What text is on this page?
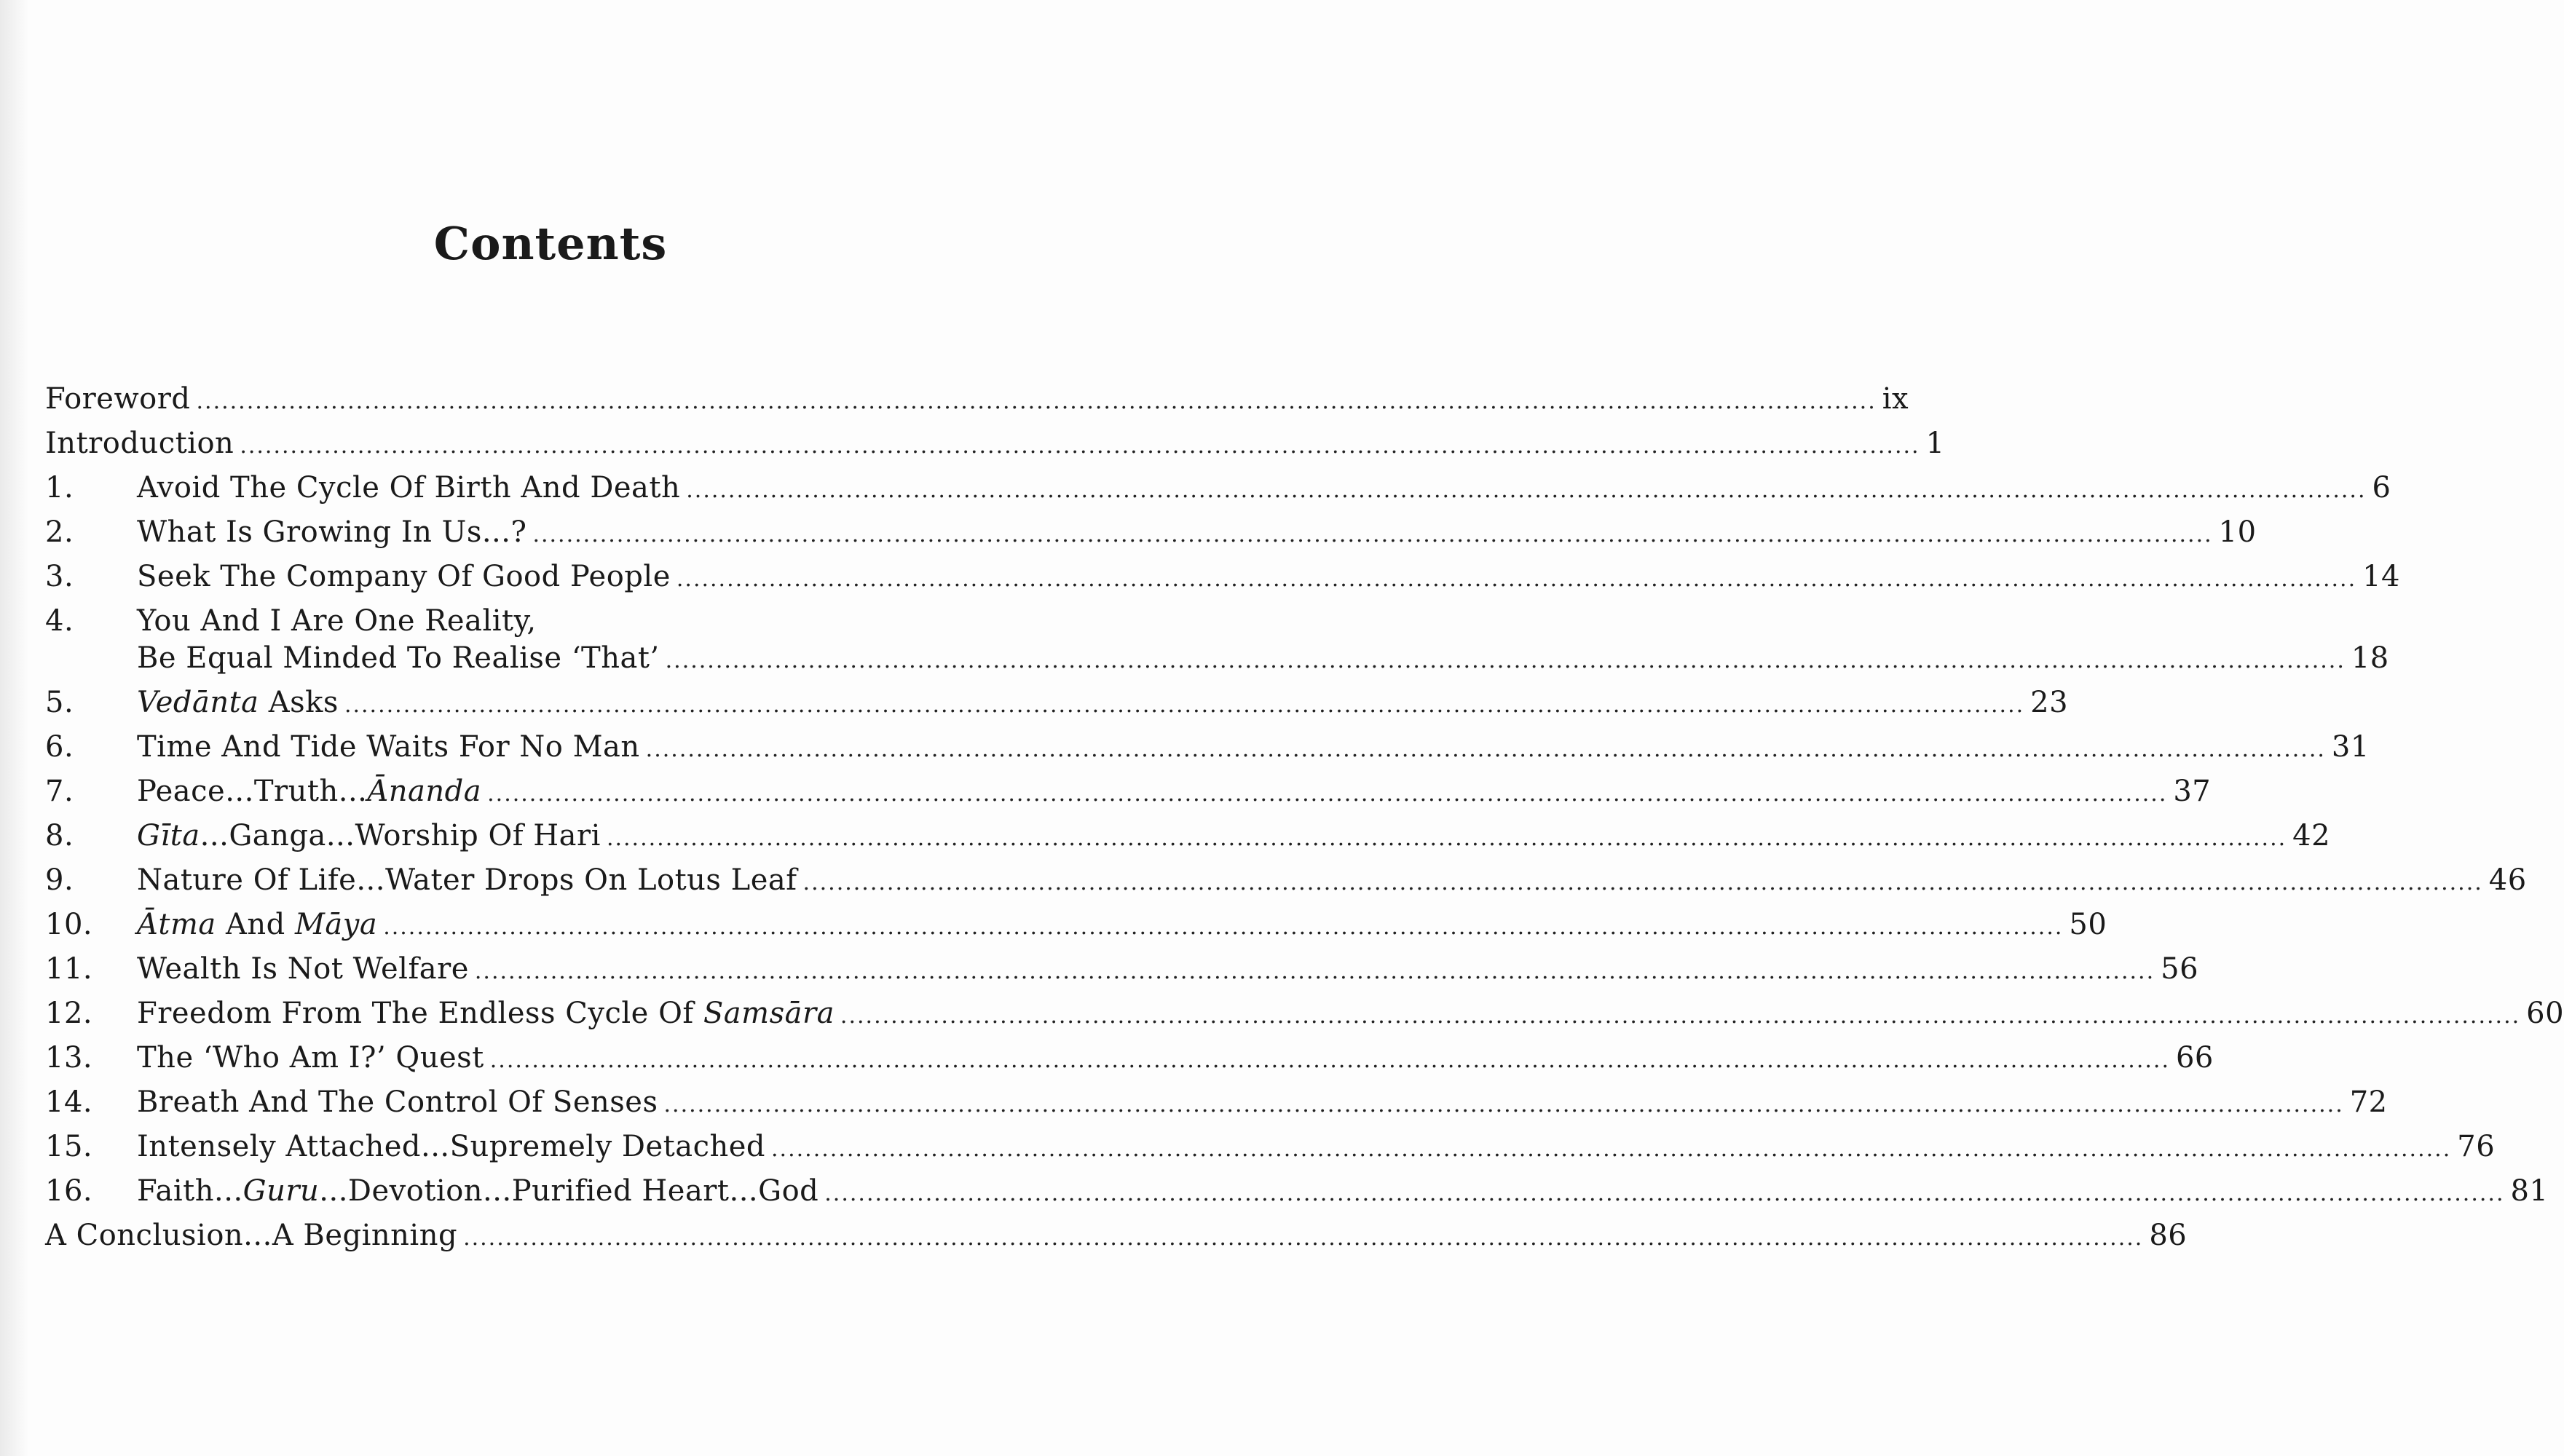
Contents
Foreword ........................................................................................................................................................................................................ ix
Introduction ........................................................................................................................................................................................................ 1
1.	Avoid The Cycle Of Birth And Death ........................................................................................................................................................................................................ 6
2.	What Is Growing In Us...? ........................................................................................................................................................................................................ 10
3.	Seek The Company Of Good People ........................................................................................................................................................................................................ 14
4.	You And I Are One Reality,
Be Equal Minded To Realise ‘That’ ........................................................................................................................................................................................................ 18
5.	Vedānta Asks ........................................................................................................................................................................................................ 23
6.	Time And Tide Waits For No Man ........................................................................................................................................................................................................ 31
7.	Peace...Truth...Ānanda ........................................................................................................................................................................................................ 37
8.	Gīta...Ganga...Worship Of Hari ........................................................................................................................................................................................................ 42
9.	Nature Of Life...Water Drops On Lotus Leaf ........................................................................................................................................................................................................ 46
10.	Ātma And Māya ........................................................................................................................................................................................................ 50
11.	Wealth Is Not Welfare ........................................................................................................................................................................................................ 56
12.	Freedom From The Endless Cycle Of Samsāra ........................................................................................................................................................................................................ 60
13.	The ‘Who Am I?’ Quest ........................................................................................................................................................................................................ 66
14.	Breath And The Control Of Senses ........................................................................................................................................................................................................ 72
15.	Intensely Attached...Supremely Detached ........................................................................................................................................................................................................ 76
16.	Faith...Guru...Devotion...Purified Heart...God ........................................................................................................................................................................................................ 81
A Conclusion...A Beginning ........................................................................................................................................................................................................ 86
